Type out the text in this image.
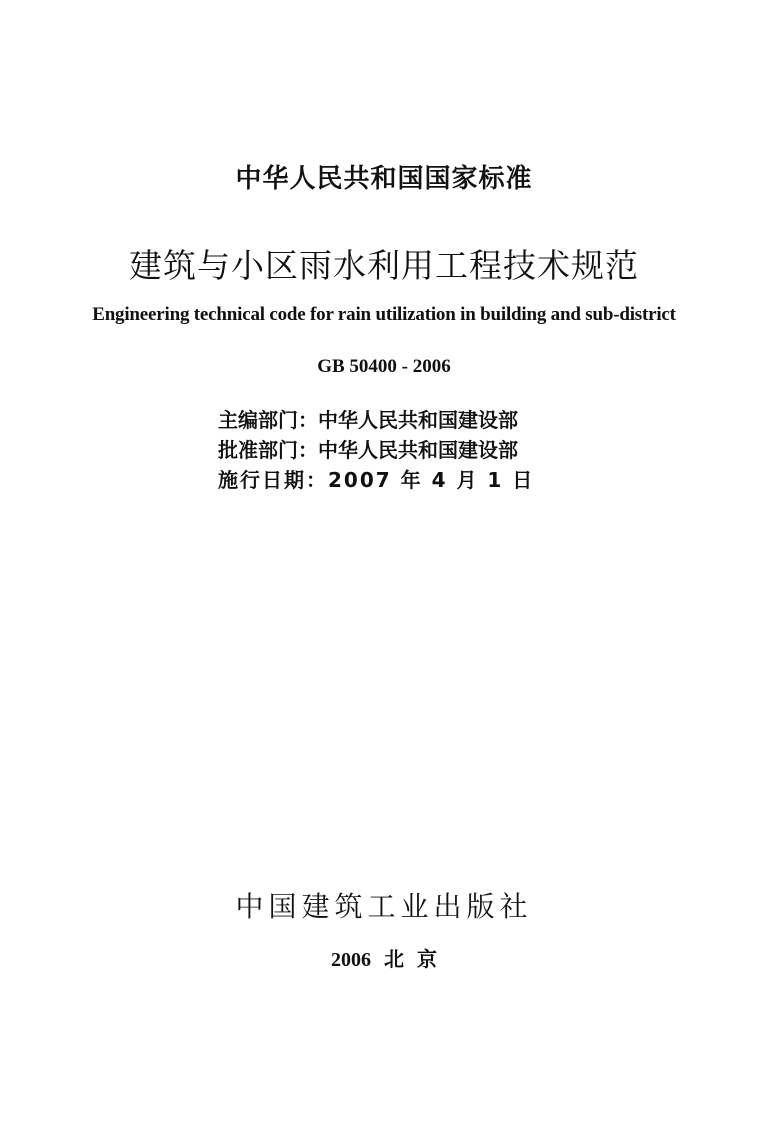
中华人民共和国国家标准
建筑与小区雨水利用工程技术规范
Engineering technical code for rain utilization in building and sub-district
GB 50400 - 2006
主编部门：中华人民共和国建设部
批准部门：中华人民共和国建设部
施行日期：2007 年 4 月 1 日
中国建筑工业出版社
2006 北 京
